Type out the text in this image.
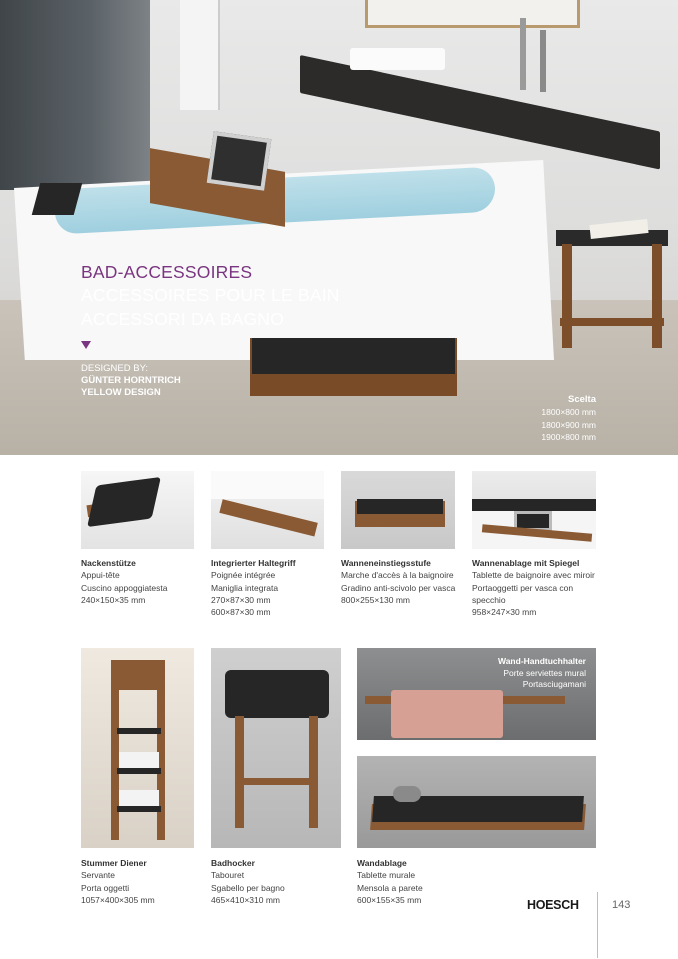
BAD-ACCESSOIRES
ACCESSOIRES POUR LE BAIN
ACCESSORI DA BAGNO
DESIGNED BY:
GÜNTER HORNTRICH
YELLOW DESIGN
Scelta
1800×800 mm
1800×900 mm
1900×800 mm
Nackenstütze
Appui-tête
Cuscino appoggiatesta
240×150×35 mm
Integrierter Haltegriff
Poignée intégrée
Maniglia integrata
270×87×30 mm
600×87×30 mm
Wanneneinstiegsstufe
Marche d'accès à la baignoire
Gradino anti-scivolo per vasca
800×255×130 mm
Wannenablage mit Spiegel
Tablette de baignoire avec miroir
Portaoggetti per vasca con
specchio
958×247×30 mm
Stummer Diener
Servante
Porta oggetti
1057×400×305 mm
Badhocker
Tabouret
Sgabello per bagno
465×410×310 mm
Wand-Handtuchhalter
Porte serviettes mural
Portasciugamani
Wandablage
Tablette murale
Mensola a parete
600×155×35 mm	HOESCH	143
